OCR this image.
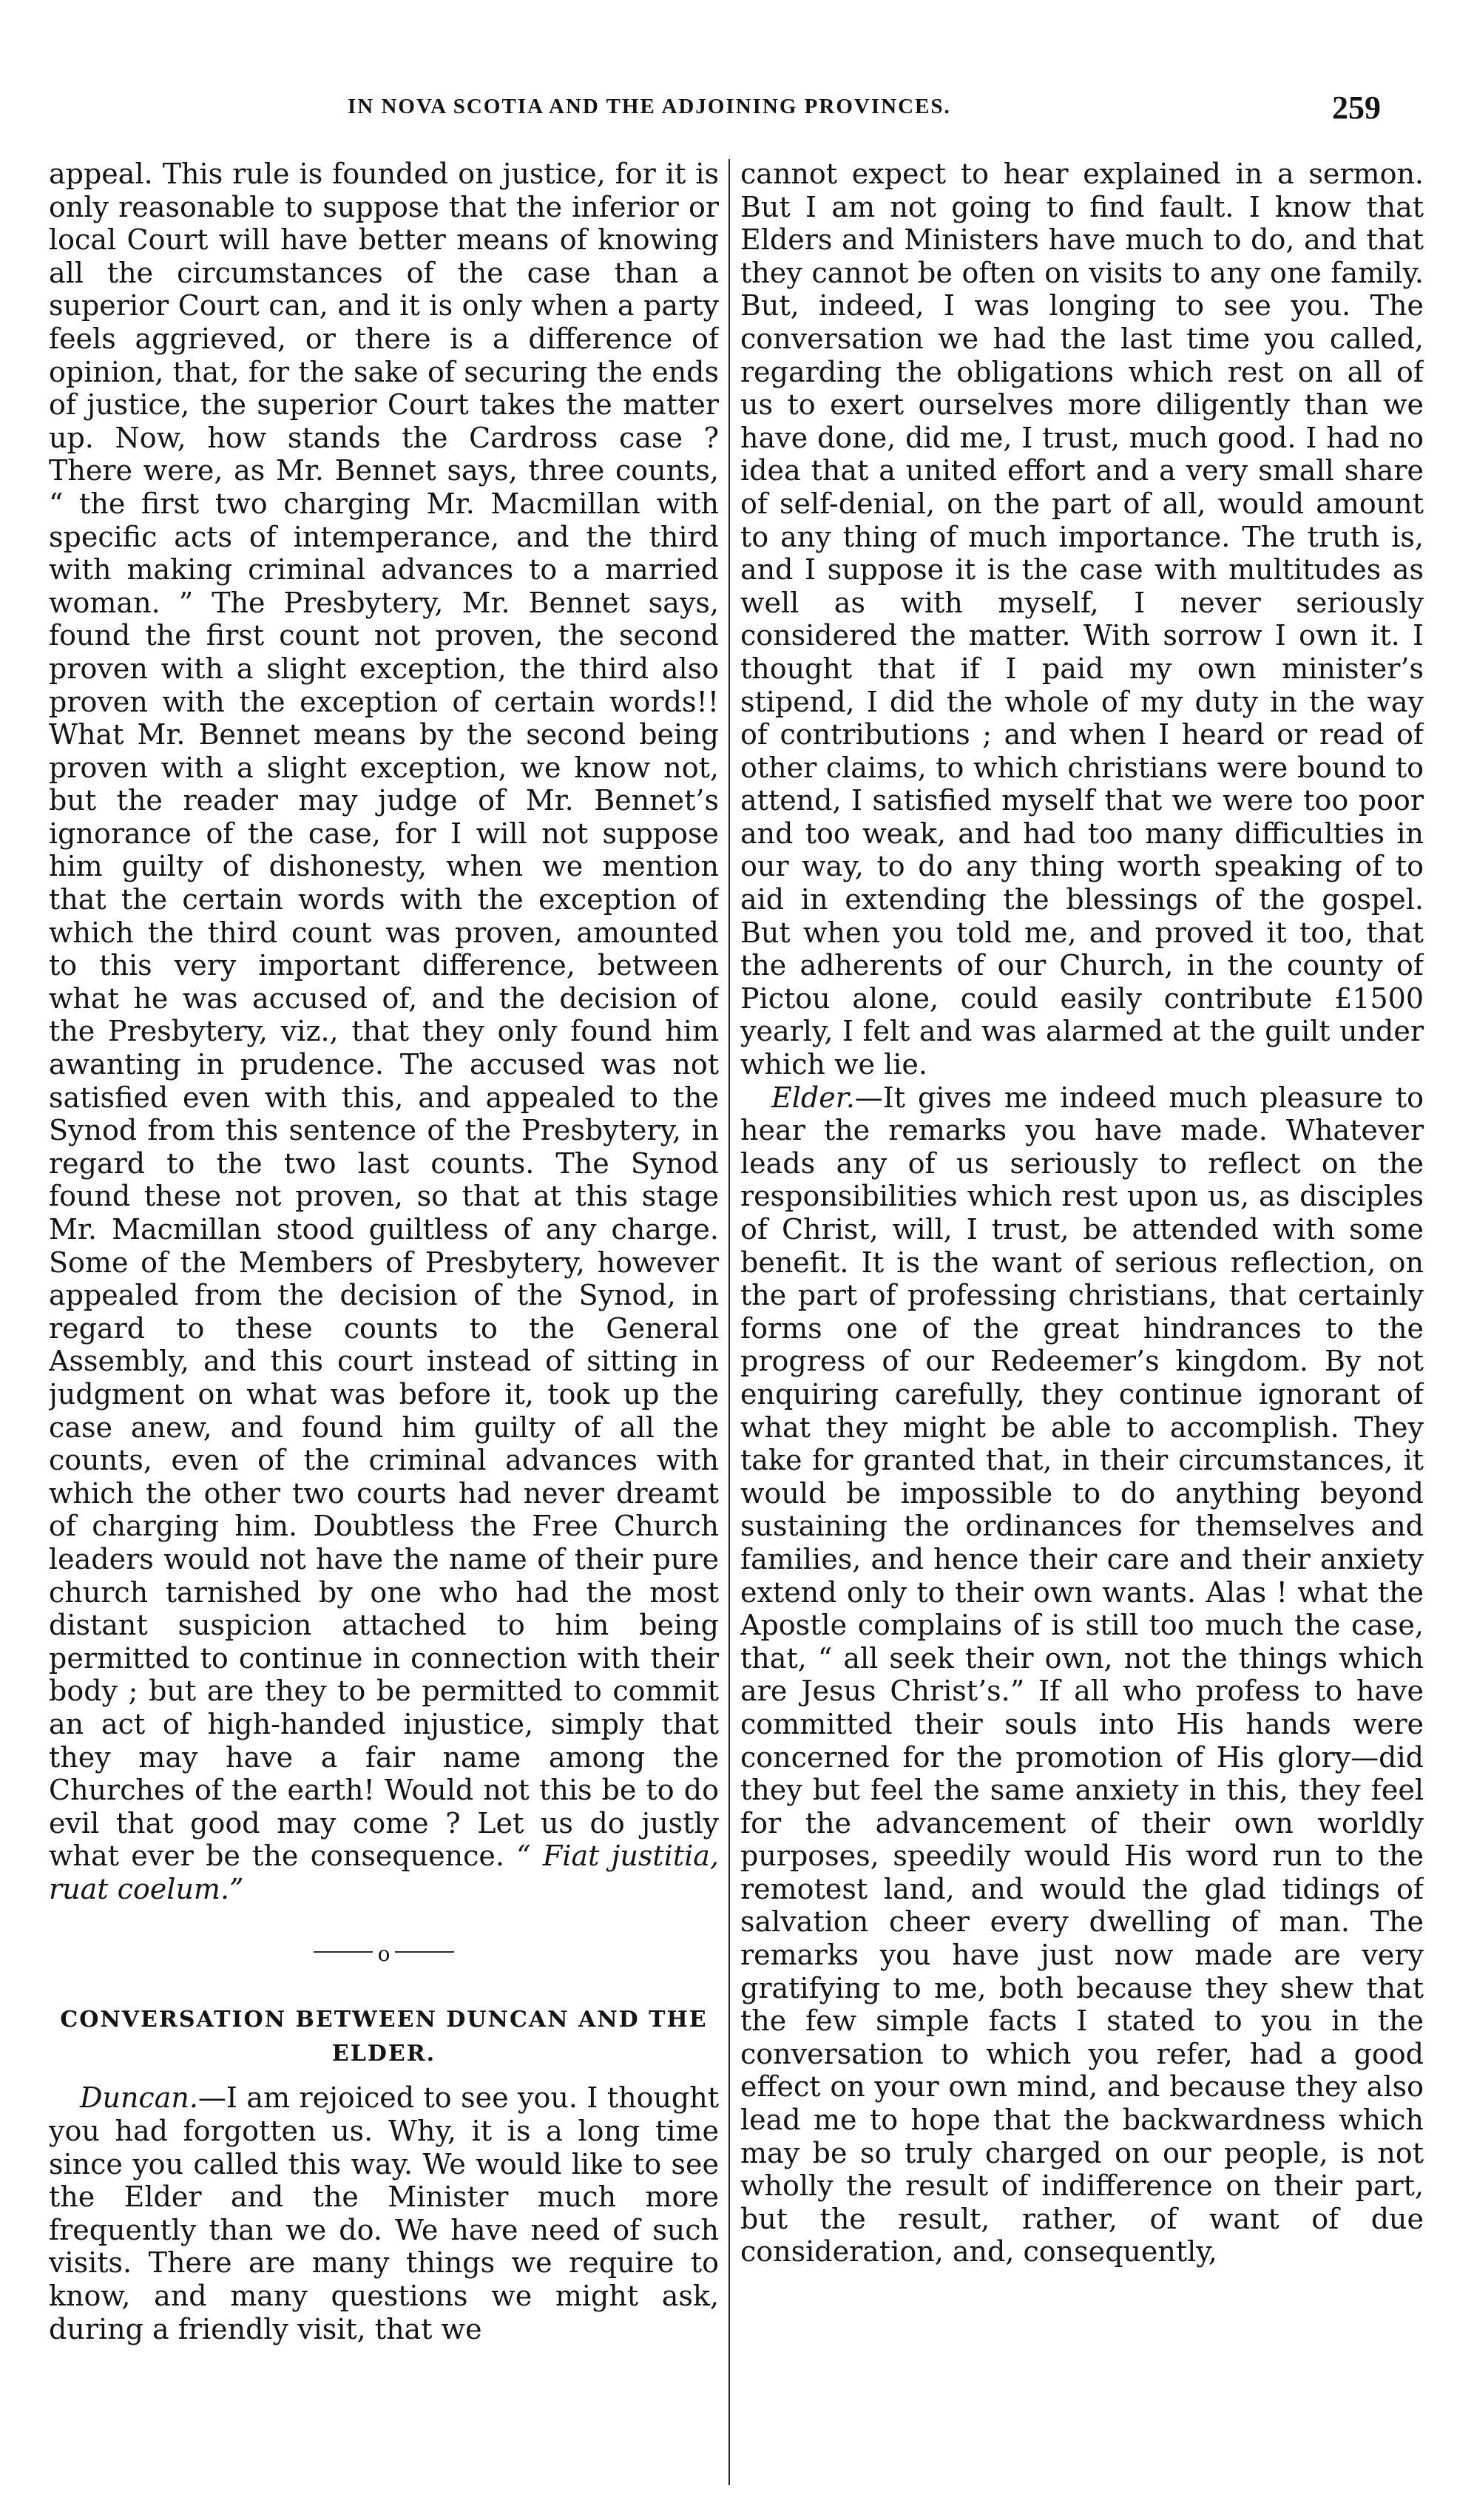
IN NOVA SCOTIA AND THE ADJOINING PROVINCES.	259

appeal. This rule is founded on justice, for it is only reasonable to suppose that the inferior or local Court will have better means of knowing all the circumstances of the case than a superior Court can, and it is only when a party feels aggrieved, or there is a difference of opinion, that, for the sake of securing the ends of justice, the superior Court takes the matter up. Now, how stands the Cardross case ? There were, as Mr. Bennet says, three counts, “ the first two charging Mr. Macmillan with specific acts of intemperance, and the third with making criminal advances to a married woman. ” The Presbytery, Mr. Bennet says, found the first count not proven, the second proven with a slight exception, the third also proven with the exception of certain words!! What Mr. Bennet means by the second being proven with a slight exception, we know not, but the reader may judge of Mr. Bennet’s ignorance of the case, for I will not suppose him guilty of dishonesty, when we mention that the certain words with the exception of which the third count was proven, amounted to this very important difference, between what he was accused of, and the decision of the Presbytery, viz., that they only found him awanting in prudence. The accused was not satisfied even with this, and appealed to the Synod from this sentence of the Presbytery, in regard to the two last counts. The Synod found these not proven, so that at this stage Mr. Macmillan stood guiltless of any charge. Some of the Members of Presbytery, however appealed from the decision of the Synod, in regard to these counts to the General Assembly, and this court instead of sitting in judgment on what was before it, took up the case anew, and found him guilty of all the counts, even of the criminal advances with which the other two courts had never dreamt of charging him. Doubtless the Free Church leaders would not have the name of their pure church tarnished by one who had the most distant suspicion attached to him being permitted to continue in connection with their body ; but are they to be permitted to commit an act of high-handed injustice, simply that they may have a fair name among the Churches of the earth! Would not this be to do evil that good may come ? Let us do justly what ever be the consequence. “ Fiat justitia, ruat coelum.”

o
CONVERSATION BETWEEN DUNCAN AND THE ELDER.

Duncan.—I am rejoiced to see you. I thought you had forgotten us. Why, it is a long time since you called this way. We would like to see the Elder and the Minister much more frequently than we do. We have need of such visits. There are many things we require to know, and many questions we might ask, during a friendly visit, that we

cannot expect to hear explained in a sermon. But I am not going to find fault. I know that Elders and Ministers have much to do, and that they cannot be often on visits to any one family. But, indeed, I was longing to see you. The conversation we had the last time you called, regarding the obligations which rest on all of us to exert ourselves more diligently than we have done, did me, I trust, much good. I had no idea that a united effort and a very small share of self-denial, on the part of all, would amount to any thing of much importance. The truth is, and I suppose it is the case with multitudes as well as with myself, I never seriously considered the matter. With sorrow I own it. I thought that if I paid my own minister’s stipend, I did the whole of my duty in the way of contributions ; and when I heard or read of other claims, to which christians were bound to attend, I satisfied myself that we were too poor and too weak, and had too many difficulties in our way, to do any thing worth speaking of to aid in extending the blessings of the gospel. But when you told me, and proved it too, that the adherents of our Church, in the county of Pictou alone, could easily contribute £1500 yearly, I felt and was alarmed at the guilt under which we lie.

Elder.—It gives me indeed much pleasure to hear the remarks you have made. Whatever leads any of us seriously to reflect on the responsibilities which rest upon us, as disciples of Christ, will, I trust, be attended with some benefit. It is the want of serious reflection, on the part of professing christians, that certainly forms one of the great hindrances to the progress of our Redeemer’s kingdom. By not enquiring carefully, they continue ignorant of what they might be able to accomplish. They take for granted that, in their circumstances, it would be impossible to do anything beyond sustaining the ordinances for themselves and families, and hence their care and their anxiety extend only to their own wants. Alas ! what the Apostle complains of is still too much the case, that, “ all seek their own, not the things which are Jesus Christ’s.” If all who profess to have committed their souls into His hands were concerned for the promotion of His glory—did they but feel the same anxiety in this, they feel for the advancement of their own worldly purposes, speedily would His word run to the remotest land, and would the glad tidings of salvation cheer every dwelling of man. The remarks you have just now made are very gratifying to me, both because they shew that the few simple facts I stated to you in the conversation to which you refer, had a good effect on your own mind, and because they also lead me to hope that the backwardness which may be so truly charged on our people, is not wholly the result of indifference on their part, but the result, rather, of want of due consideration, and, consequently,
